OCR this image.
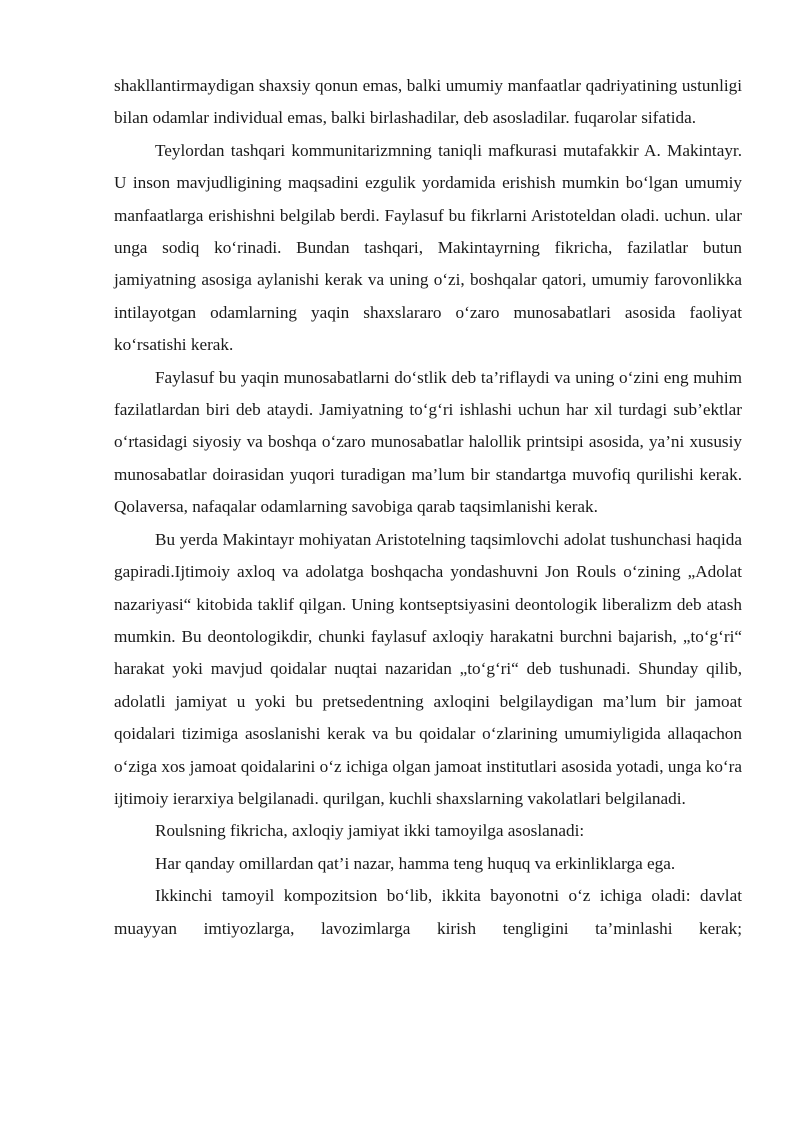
shakllantirmaydigan shaxsiy qonun emas, balki umumiy manfaatlar qadriyatining ustunligi bilan odamlar individual emas, balki birlashadilar, deb asosladilar. fuqarolar sifatida.

Teylordan tashqari kommunitarizmning taniqli mafkurasi mutafakkir A. Makintayr. U inson mavjudligining maqsadini ezgulik yordamida erishish mumkin bo‘lgan umumiy manfaatlarga erishishni belgilab berdi. Faylasuf bu fikrlarni Aristoteldan oladi. uchun. ular unga sodiq ko‘rinadi. Bundan tashqari, Makintayrning fikricha, fazilatlar butun jamiyatning asosiga aylanishi kerak va uning o‘zi, boshqalar qatori, umumiy farovonlikka intilayotgan odamlarning yaqin shaxslararo o‘zaro munosabatlari asosida faoliyat ko‘rsatishi kerak.

Faylasuf bu yaqin munosabatlarni do‘stlik deb ta’riflaydi va uning o‘zini eng muhim fazilatlardan biri deb ataydi. Jamiyatning to‘g‘ri ishlashi uchun har xil turdagi sub’ektlar o‘rtasidagi siyosiy va boshqa o‘zaro munosabatlar halollik printsipi asosida, ya’ni xususiy munosabatlar doirasidan yuqori turadigan ma’lum bir standartga muvofiq qurilishi kerak. Qolaversa, nafaqalar odamlarning savobiga qarab taqsimlanishi kerak.

Bu yerda Makintayr mohiyatan Aristotelning taqsimlovchi adolat tushunchasi haqida gapiradi.Ijtimoiy axloq va adolatga boshqacha yondashuvni Jon Rouls o‘zining „Adolat nazariyasi“ kitobida taklif qilgan. Uning kontseptsiyasini deontologik liberalizm deb atash mumkin. Bu deontologikdir, chunki faylasuf axloqiy harakatni burchni bajarish, „to‘g‘ri“ harakat yoki mavjud qoidalar nuqtai nazaridan „to‘g‘ri“ deb tushunadi. Shunday qilib, adolatli jamiyat u yoki bu pretsedentning axloqini belgilaydigan ma’lum bir jamoat qoidalari tizimiga asoslanishi kerak va bu qoidalar o‘zlarining umumiyligida allaqachon o‘ziga xos jamoat qoidalarini o‘z ichiga olgan jamoat institutlari asosida yotadi, unga ko‘ra ijtimoiy ierarxiya belgilanadi. qurilgan, kuchli shaxslarning vakolatlari belgilanadi.

Roulsning fikricha, axloqiy jamiyat ikki tamoyilga asoslanadi:

Har qanday omillardan qat’i nazar, hamma teng huquq va erkinliklarga ega.

Ikkinchi tamoyil kompozitsion bo‘lib, ikkita bayonotni o‘z ichiga oladi: davlat muayyan imtiyozlarga, lavozimlarga kirish tengligini ta’minlashi kerak;
